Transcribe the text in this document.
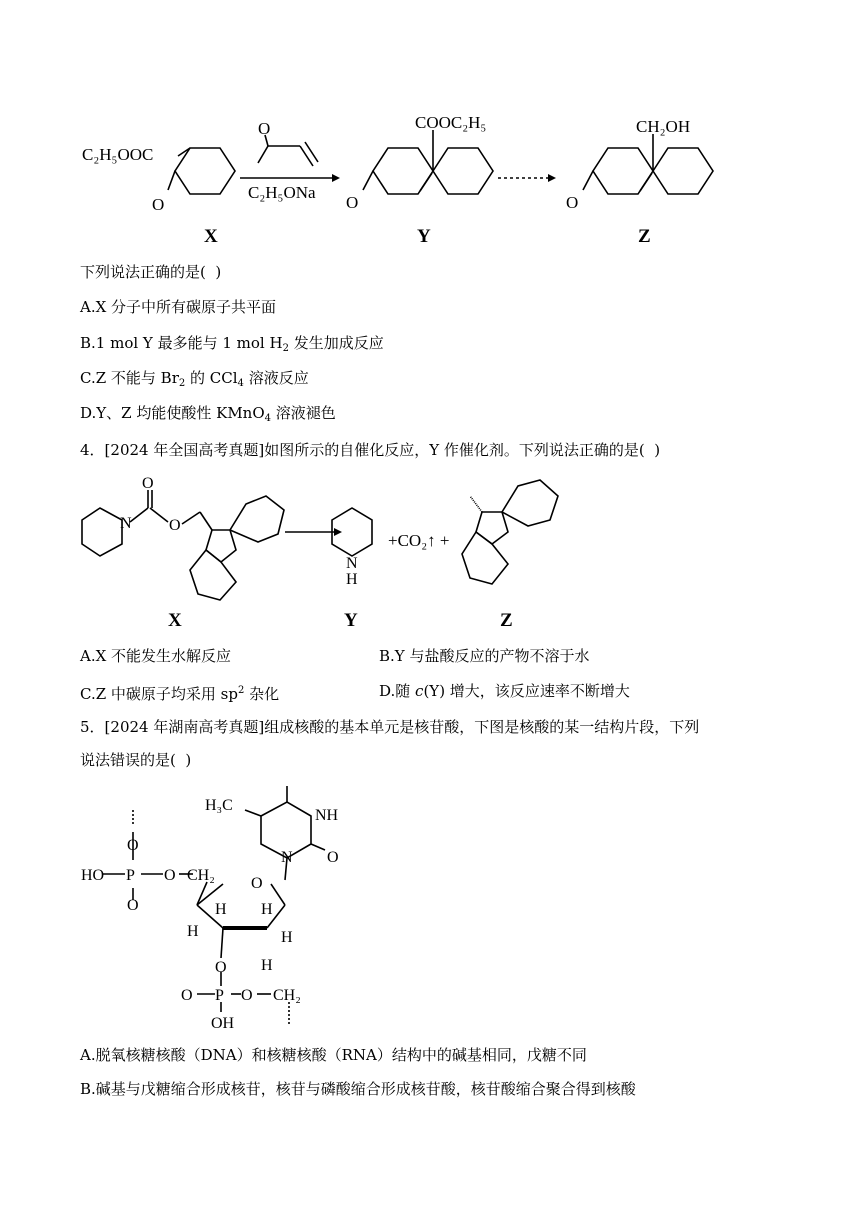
C₂H₅OOC
O
O
C₂H₅ONa
COOC₂H₅
O
CH₂OH
O
X	Y	Z
下列说法正确的是(  )
A.X 分子中所有碳原子共平面
B.1 mol Y 最多能与 1 mol $H_2$ 发生加成反应
C.Z 不能与 $Br_2$ 的 CCl$_4$ 溶液反应
D.Y、Z 均能使酸性 KMnO$_4$ 溶液褪色
4．[2024 年全国高考真题]如图所示的自催化反应，Y 作催化剂。下列说法正确的是(  )
O
N O
N
H
+CO₂↑ +
X	Y	Z
A.X 不能发生水解反应	B.Y 与盐酸反应的产物不溶于水
C.Z 中碳原子均采用 $sp^2$ 杂化	D.随 c(Y) 增大，该反应速率不断增大
5．[2024 年湖南高考真题]组成核酸的基本单元是核苷酸，下图是核酸的某一结构片段，下列
说法错误的是(  )
H₃C
NH
N O
O
HO P O CH₂
O
O
H H
H	H
H
O
O P O CH₂
OH
A.脱氧核糖核酸（DNA）和核糖核酸（RNA）结构中的碱基相同，戊糖不同
B.碱基与戊糖缩合形成核苷，核苷与磷酸缩合形成核苷酸，核苷酸缩合聚合得到核酸
